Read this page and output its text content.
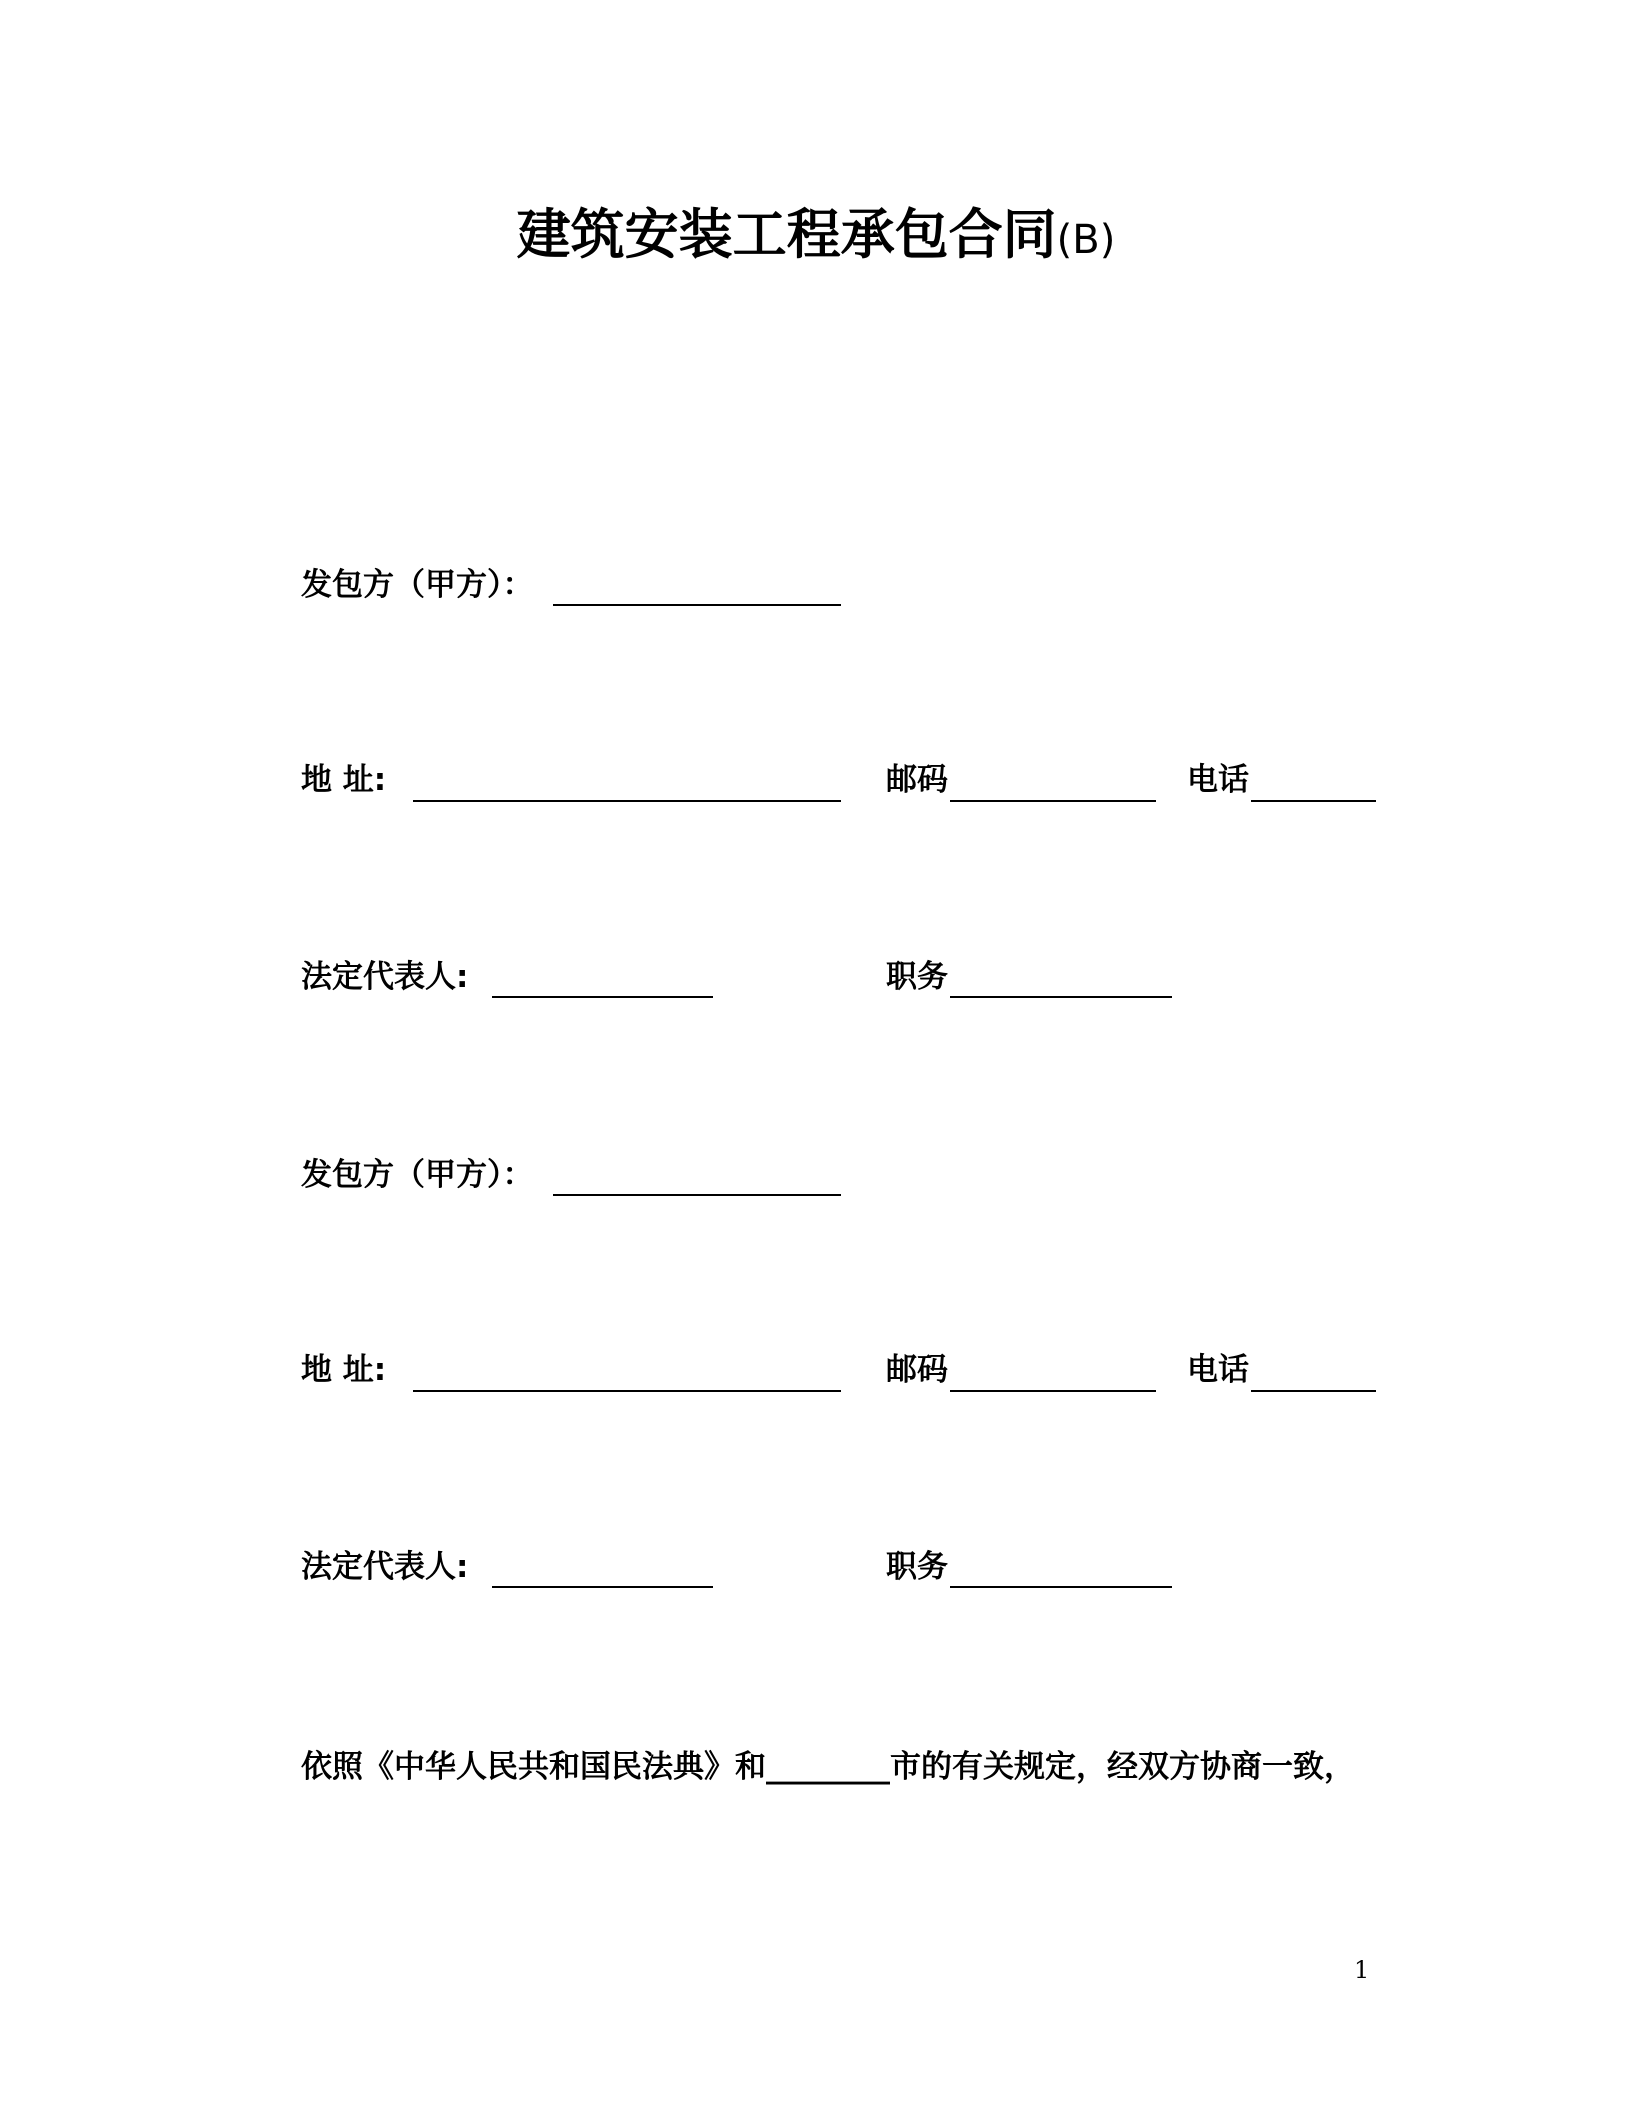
建筑安装工程承包合同(B)
发包方（甲方）：
地 址:	邮码	电话
法定代表人:	职务
发包方（甲方）：
地 址:	邮码	电话
法定代表人:	职务
依照《中华人民共和国民法典》和________市的有关规定，经双方协商一致，
1
